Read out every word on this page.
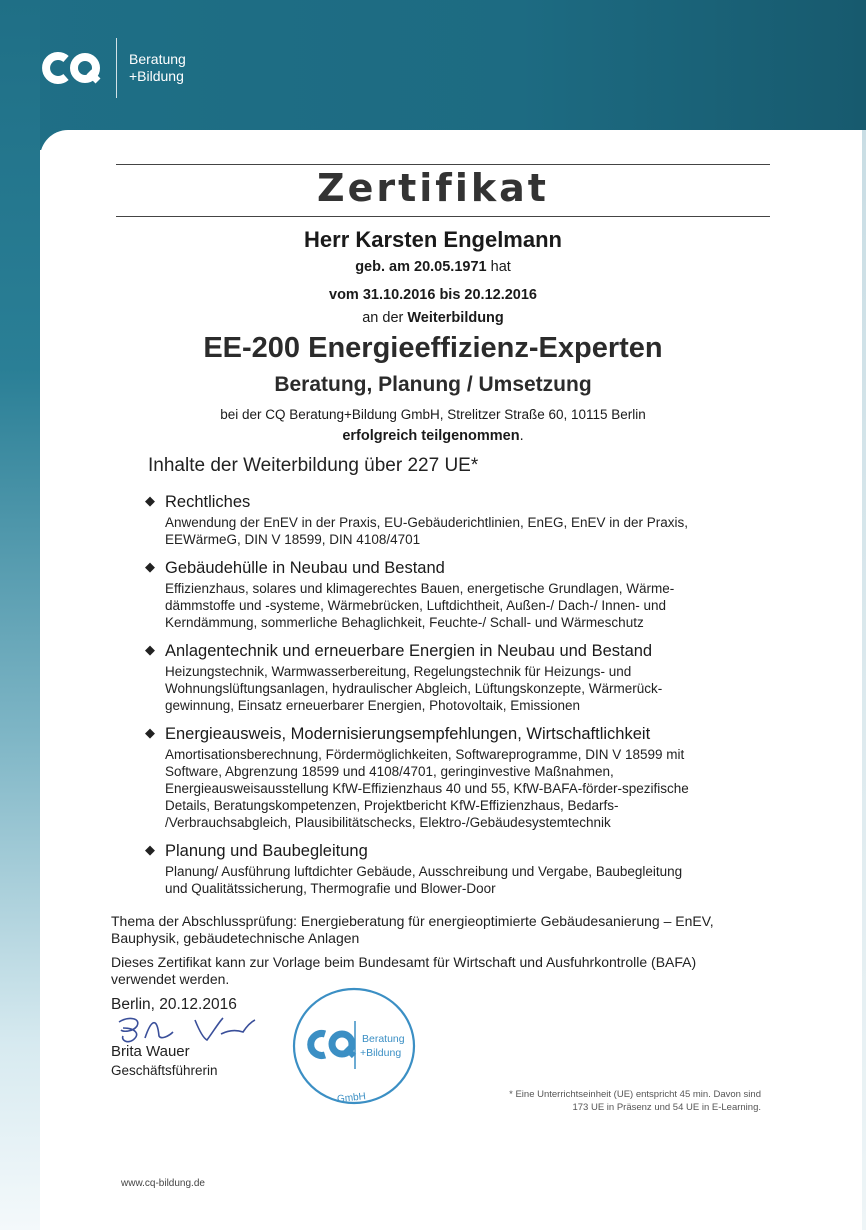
Beratung
+Bildung
Zertifikat
Herr Karsten Engelmann
geb. am 20.05.1971 hat
vom 31.10.2016 bis 20.12.2016
an der Weiterbildung
EE-200 Energieeffizienz-Experten
Beratung, Planung / Umsetzung
bei der CQ Beratung+Bildung GmbH, Strelitzer Straße 60, 10115 Berlin
erfolgreich teilgenommen.
Inhalte der Weiterbildung über 227 UE*
◆ Rechtliches
Anwendung der EnEV in der Praxis, EU-Gebäuderichtlinien, EnEG, EnEV in der Praxis,
EEWärmeG, DIN V 18599, DIN 4108/4701
◆ Gebäudehülle in Neubau und Bestand
Effizienzhaus, solares und klimagerechtes Bauen, energetische Grundlagen, Wärme-
dämmstoffe und -systeme, Wärmebrücken, Luftdichtheit, Außen-/ Dach-/ Innen- und
Kerndämmung, sommerliche Behaglichkeit, Feuchte-/ Schall- und Wärmeschutz
◆ Anlagentechnik und erneuerbare Energien in Neubau und Bestand
Heizungstechnik, Warmwasserbereitung, Regelungstechnik für Heizungs- und
Wohnungslüftungsanlagen, hydraulischer Abgleich, Lüftungskonzepte, Wärmerück-
gewinnung, Einsatz erneuerbarer Energien, Photovoltaik, Emissionen
◆ Energieausweis, Modernisierungsempfehlungen, Wirtschaftlichkeit
Amortisationsberechnung, Fördermöglichkeiten, Softwareprogramme, DIN V 18599 mit
Software, Abgrenzung 18599 und 4108/4701, geringinvestive Maßnahmen,
Energieausweisausstellung KfW-Effizienzhaus 40 und 55, KfW-BAFA-förder-spezifische
Details, Beratungskompetenzen, Projektbericht KfW-Effizienzhaus, Bedarfs-
/Verbrauchsabgleich, Plausibilitätschecks, Elektro-/Gebäudesystemtechnik
◆ Planung und Baubegleitung
Planung/ Ausführung luftdichter Gebäude, Ausschreibung und Vergabe, Baubegleitung
und Qualitätssicherung, Thermografie und Blower-Door
Thema der Abschlussprüfung: Energieberatung für energieoptimierte Gebäudesanierung – EnEV,
Bauphysik, gebäudetechnische Anlagen
Dieses Zertifikat kann zur Vorlage beim Bundesamt für Wirtschaft und Ausfuhrkontrolle (BAFA)
verwendet werden.
Berlin, 20.12.2016
Brita Wauer
Geschäftsführerin
Beratung
+Bildung
GmbH	* Eine Unterrichtseinheit (UE) entspricht 45 min. Davon sind
173 UE in Präsenz und 54 UE in E-Learning.
www.cq-bildung.de
